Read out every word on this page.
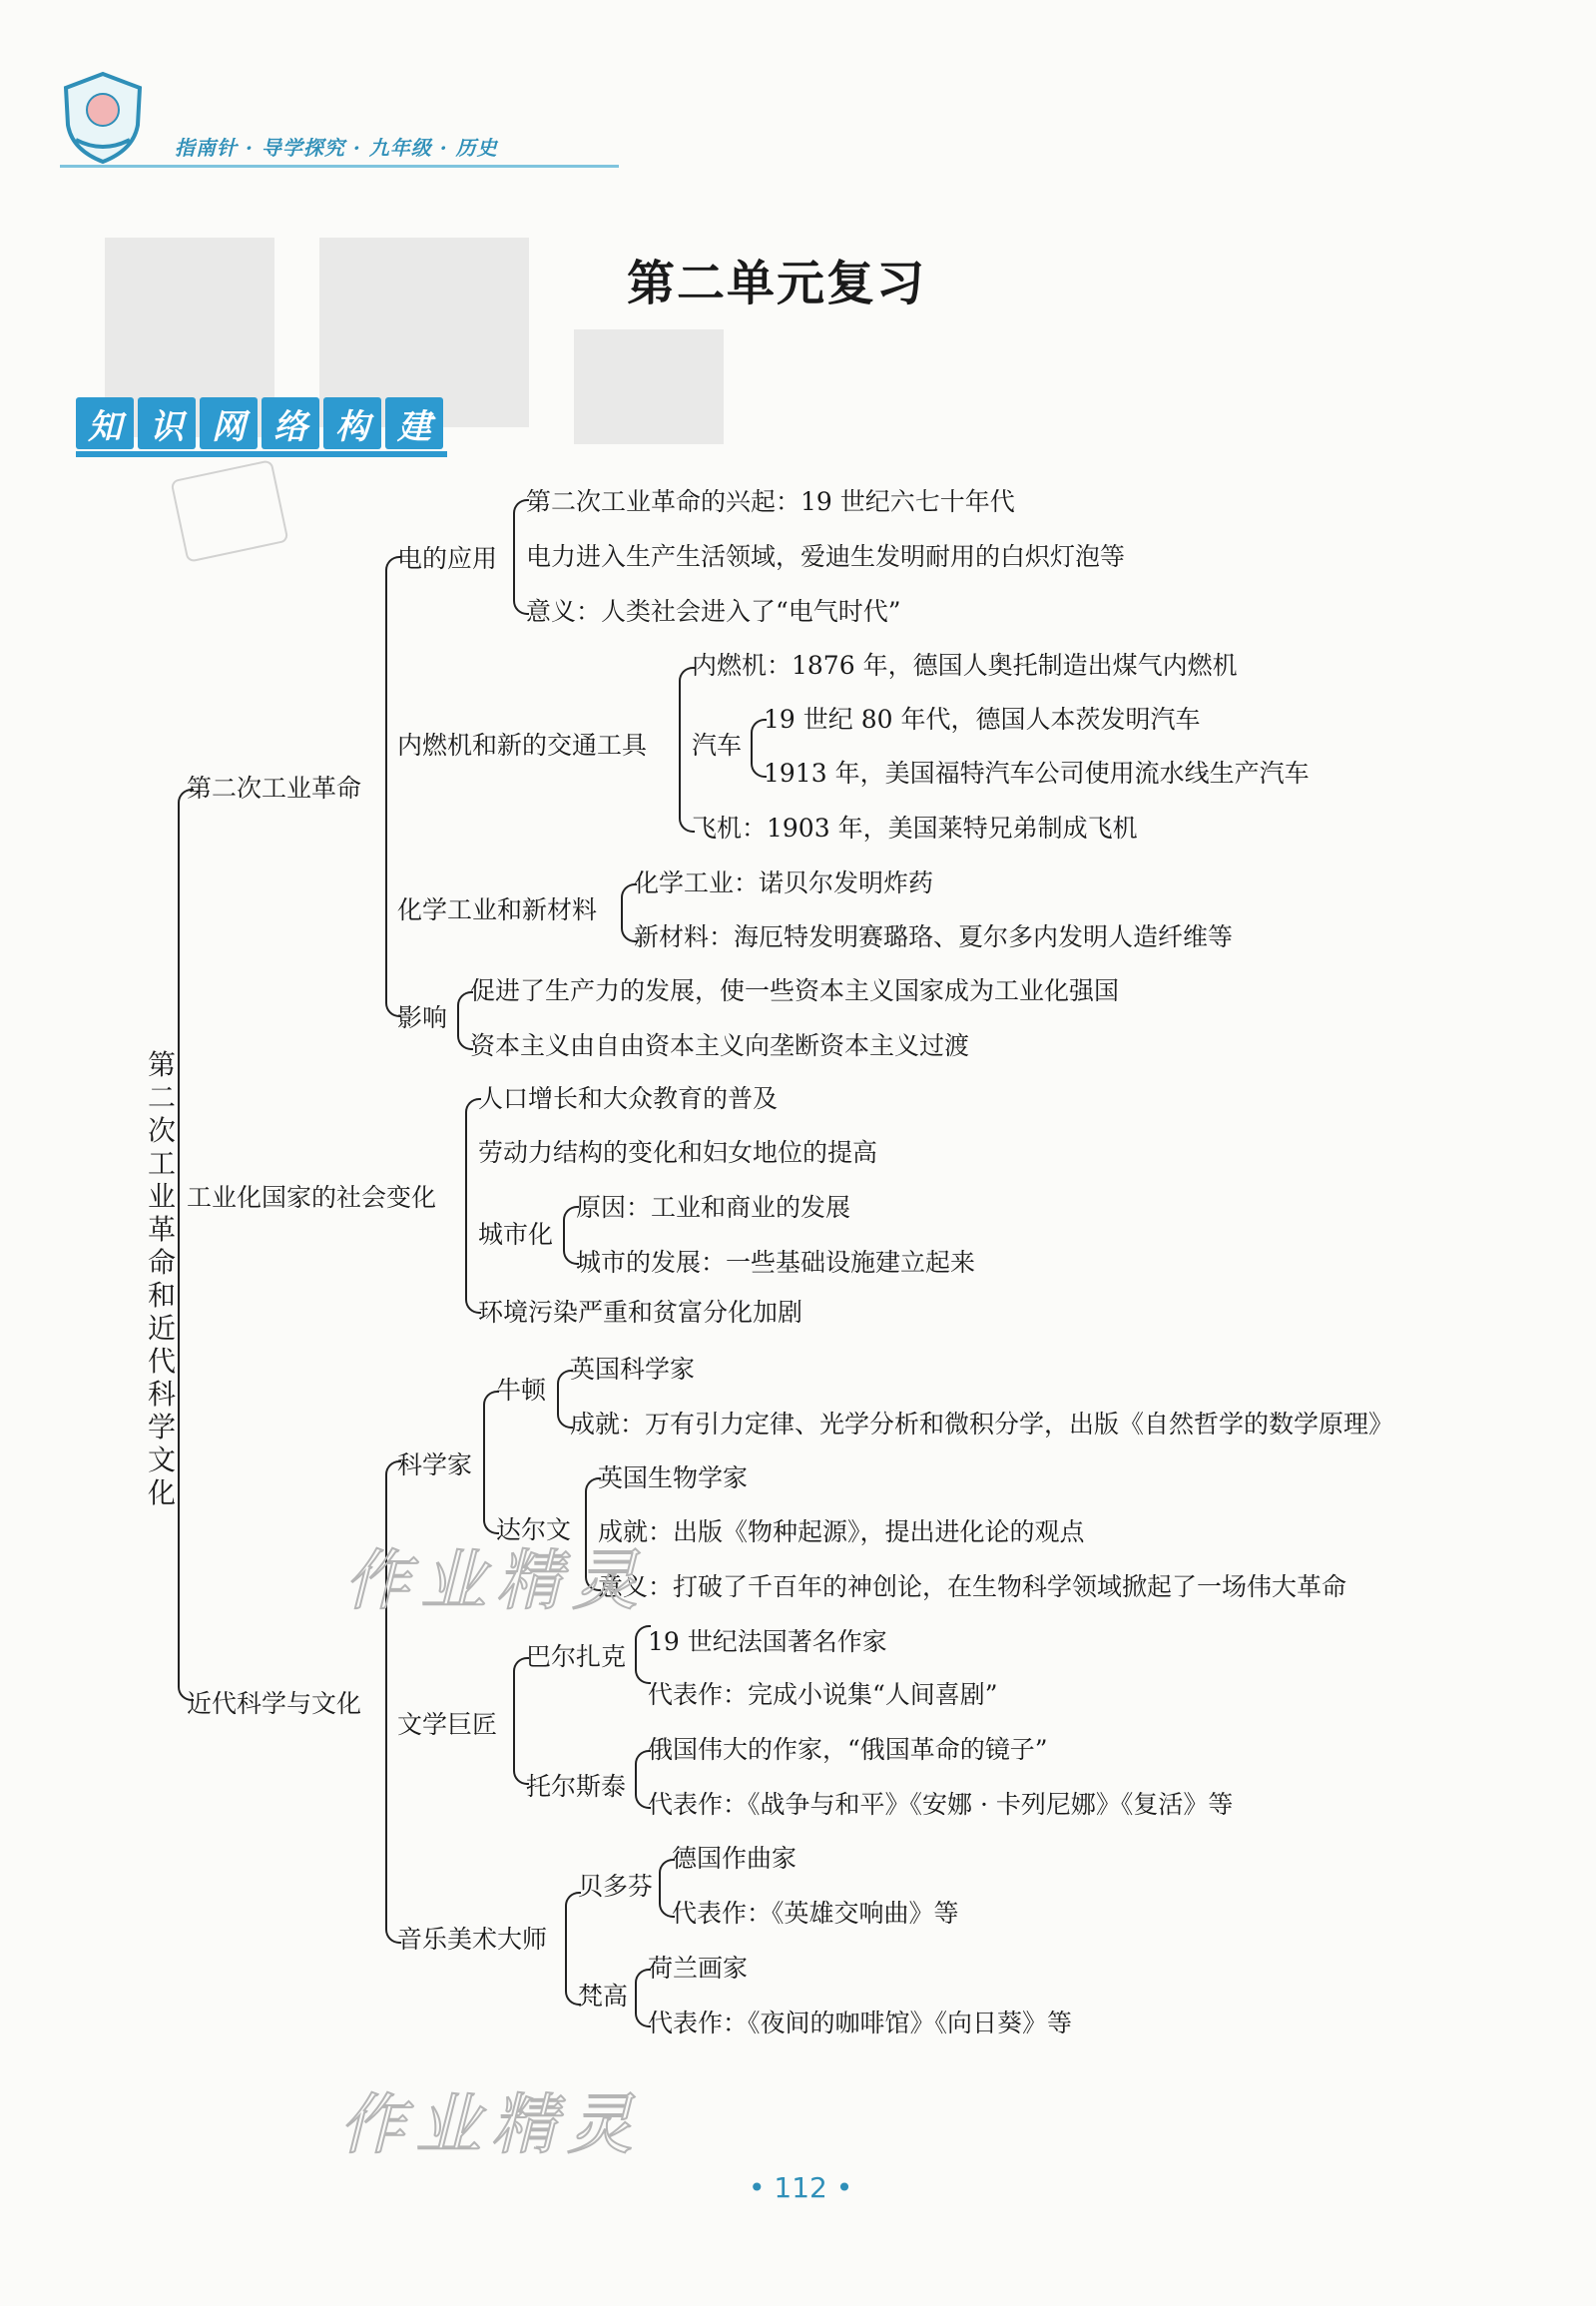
指南针 · 导学探究 · 九年级 · 历史
第二单元复习
知 识 网 络 构 建
第二次工业革命和近代科学文化
第二次工业革命
工业化国家的社会变化
近代科学与文化
电的应用
第二次工业革命的兴起：19 世纪六七十年代
电力进入生产生活领域，爱迪生发明耐用的白炽灯泡等
意义：人类社会进入了“电气时代”
内燃机和新的交通工具
内燃机：1876 年，德国人奥托制造出煤气内燃机
汽车
19 世纪 80 年代，德国人本茨发明汽车
1913 年，美国福特汽车公司使用流水线生产汽车
飞机：1903 年，美国莱特兄弟制成飞机
化学工业和新材料
化学工业：诺贝尔发明炸药
新材料：海厄特发明赛璐珞、夏尔多内发明人造纤维等
影响
促进了生产力的发展，使一些资本主义国家成为工业化强国
资本主义由自由资本主义向垄断资本主义过渡
人口增长和大众教育的普及
劳动力结构的变化和妇女地位的提高
城市化
原因：工业和商业的发展
城市的发展：一些基础设施建立起来
环境污染严重和贫富分化加剧
科学家
牛顿
英国科学家
成就：万有引力定律、光学分析和微积分学，出版《自然哲学的数学原理》
达尔文
英国生物学家
成就：出版《物种起源》，提出进化论的观点
意义：打破了千百年的神创论，在生物科学领域掀起了一场伟大革命
文学巨匠
巴尔扎克
19 世纪法国著名作家
代表作：完成小说集“人间喜剧”
托尔斯泰
俄国伟大的作家，“俄国革命的镜子”
代表作：《战争与和平》《安娜 · 卡列尼娜》《复活》等
音乐美术大师
贝多芬
德国作曲家
代表作：《英雄交响曲》等
梵高
荷兰画家
代表作：《夜间的咖啡馆》《向日葵》等
作业精灵
作业精灵
• 112 •
